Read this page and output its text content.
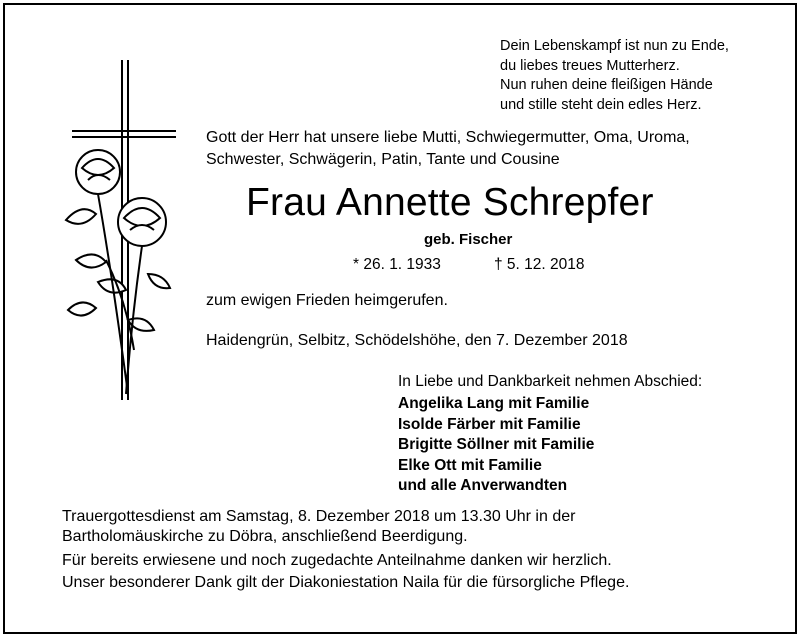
Dein Lebenskampf ist nun zu Ende,
du liebes treues Mutterherz.
Nun ruhen deine fleißigen Hände
und stille steht dein edles Herz.
Gott der Herr hat unsere liebe Mutti, Schwiegermutter, Oma, Uroma,
Schwester, Schwägerin, Patin, Tante und Cousine
Frau Annette Schrepfer
geb. Fischer
* 26. 1. 1933	† 5. 12. 2018
zum ewigen Frieden heimgerufen.
Haidengrün, Selbitz, Schödelshöhe, den 7. Dezember 2018
In Liebe und Dankbarkeit nehmen Abschied:
Angelika Lang mit Familie
Isolde Färber mit Familie
Brigitte Söllner mit Familie
Elke Ott mit Familie
und alle Anverwandten
Trauergottesdienst am Samstag, 8. Dezember 2018 um 13.30 Uhr in der
Bartholomäuskirche zu Döbra, anschließend Beerdigung.
Für bereits erwiesene und noch zugedachte Anteilnahme danken wir herzlich.
Unser besonderer Dank gilt der Diakoniestation Naila für die fürsorgliche Pflege.
